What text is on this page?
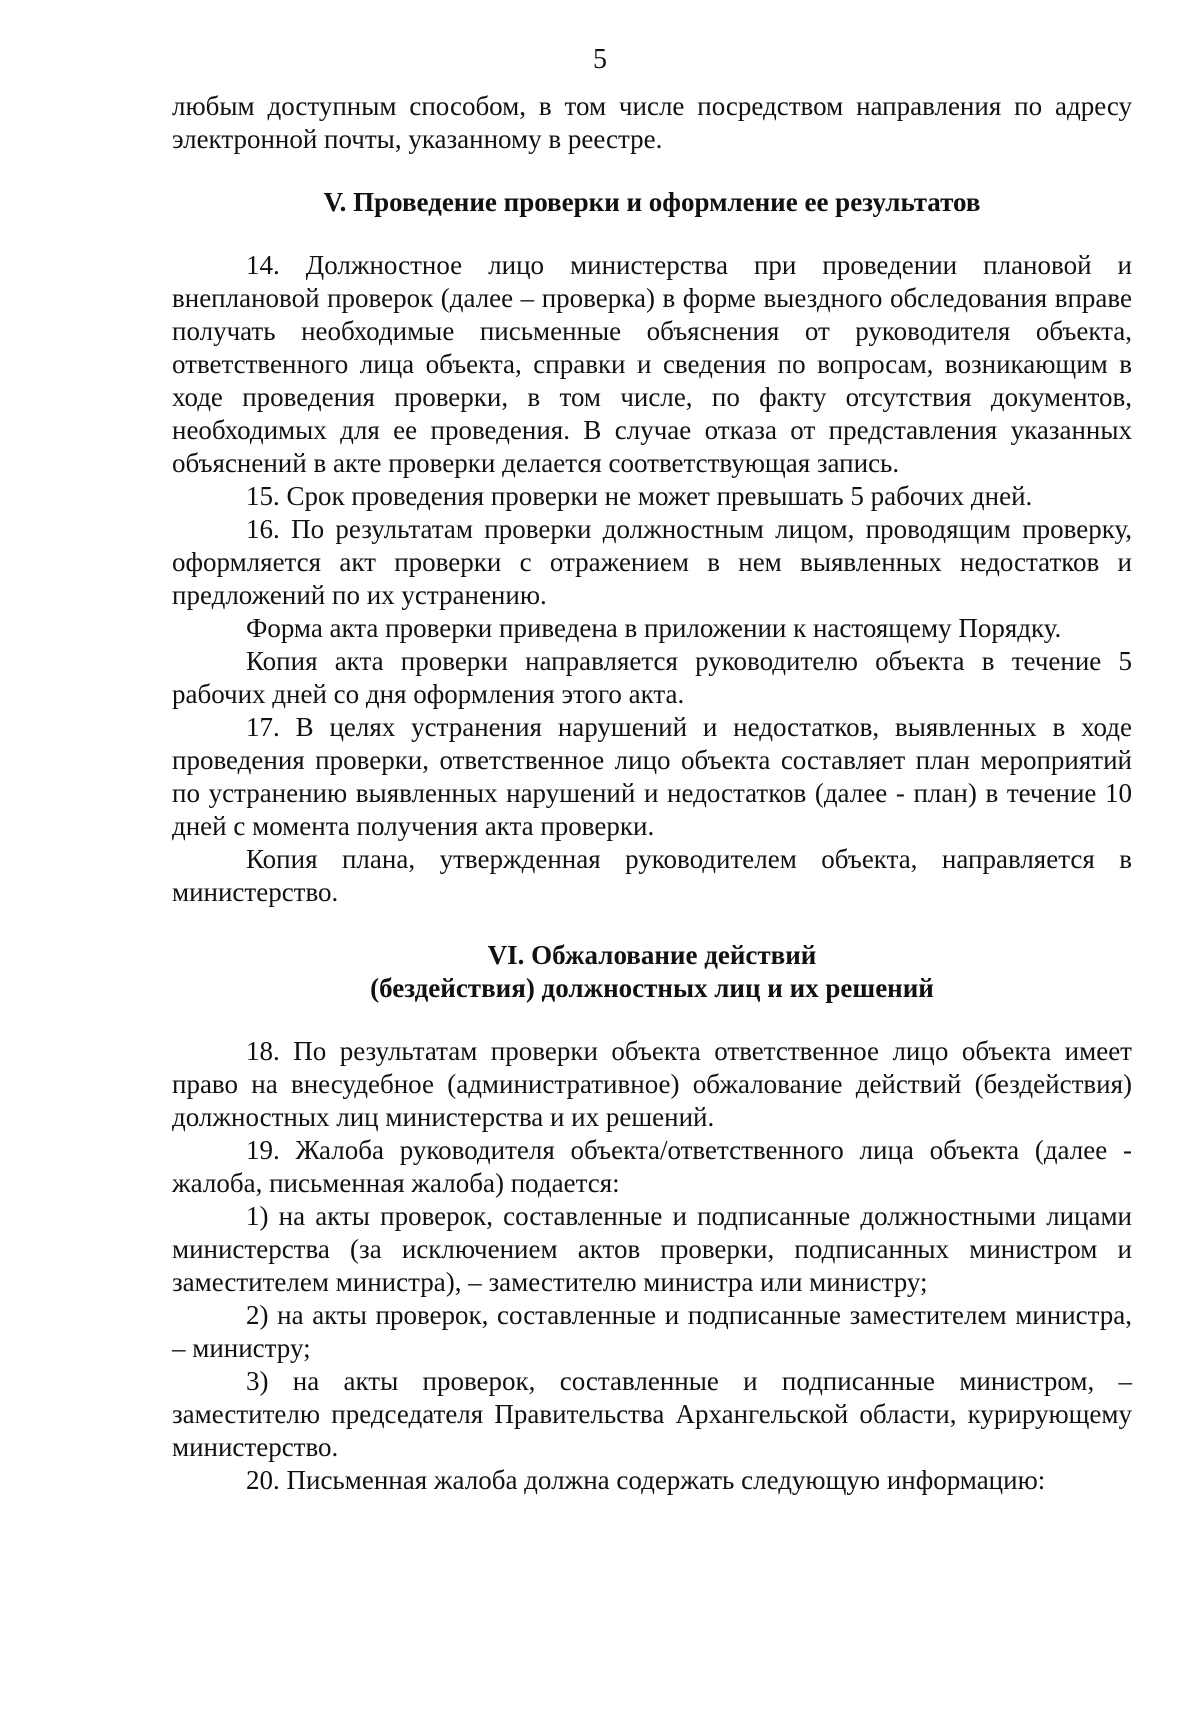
5

любым доступным способом, в том числе посредством направления по адресу электронной почты, указанному в реестре.

V. Проведение проверки и оформление ее результатов

14. Должностное лицо министерства при проведении плановой и внеплановой проверок (далее – проверка) в форме выездного обследования вправе получать необходимые письменные объяснения от руководителя объекта, ответственного лица объекта, справки и сведения по вопросам, возникающим в ходе проведения проверки, в том числе, по факту отсутствия документов, необходимых для ее проведения. В случае отказа от представления указанных объяснений в акте проверки делается соответствующая запись.

15. Срок проведения проверки не может превышать 5 рабочих дней.

16. По результатам проверки должностным лицом, проводящим проверку, оформляется акт проверки с отражением в нем выявленных недостатков и предложений по их устранению.

Форма акта проверки приведена в приложении к настоящему Порядку.

Копия акта проверки направляется руководителю объекта в течение 5 рабочих дней со дня оформления этого акта.

17. В целях устранения нарушений и недостатков, выявленных в ходе проведения проверки, ответственное лицо объекта составляет план мероприятий по устранению выявленных нарушений и недостатков (далее - план) в течение 10 дней с момента получения акта проверки.

Копия плана, утвержденная руководителем объекта, направляется в министерство.

VI. Обжалование действий
(бездействия) должностных лиц и их решений

18. По результатам проверки объекта ответственное лицо объекта имеет право на внесудебное (административное) обжалование действий (бездействия) должностных лиц министерства и их решений.

19. Жалоба руководителя объекта/ответственного лица объекта (далее - жалоба, письменная жалоба) подается:

1) на акты проверок, составленные и подписанные должностными лицами министерства (за исключением актов проверки, подписанных министром и заместителем министра), – заместителю министра или министру;

2) на акты проверок, составленные и подписанные заместителем министра, – министру;

3) на акты проверок, составленные и подписанные министром, – заместителю председателя Правительства Архангельской области, курирующему министерство.

20. Письменная жалоба должна содержать следующую информацию:
